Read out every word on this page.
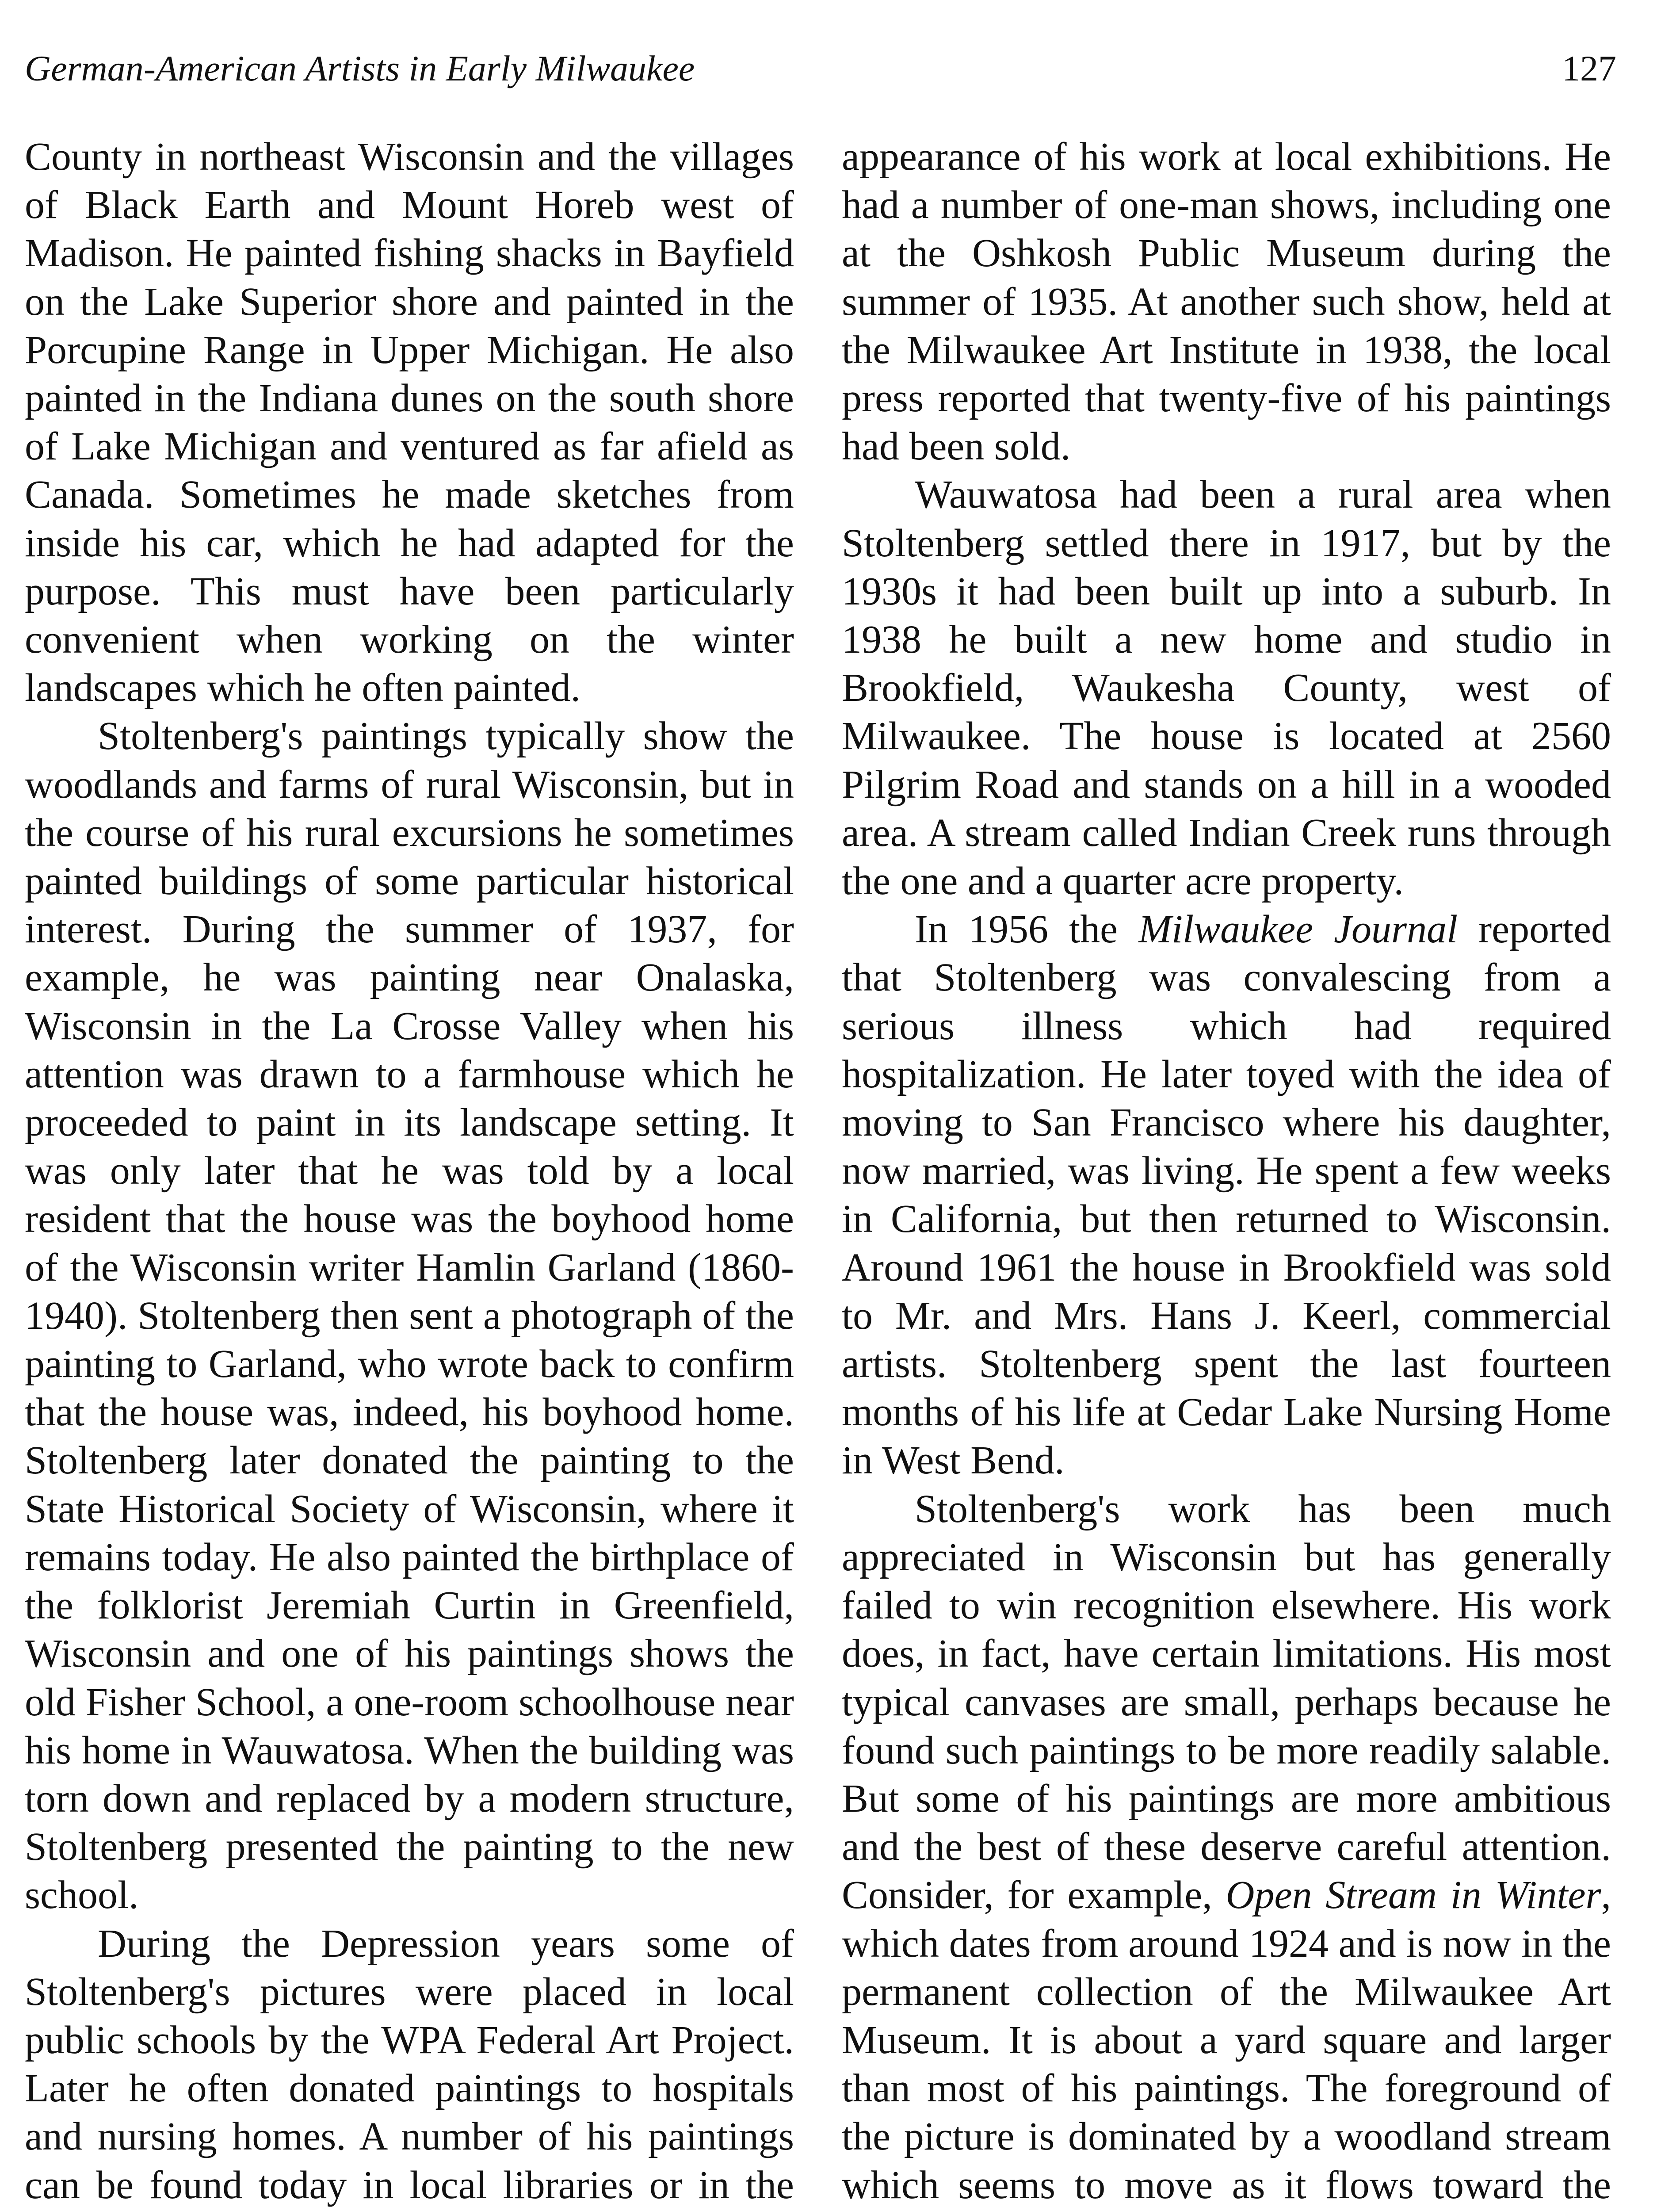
German-American Artists in Early Milwaukee	127

County in northeast Wisconsin and the villages of Black Earth and Mount Horeb west of Madison. He painted fishing shacks in Bayfield on the Lake Superior shore and painted in the Porcupine Range in Upper Michigan. He also painted in the Indiana dunes on the south shore of Lake Michigan and ventured as far afield as Canada. Sometimes he made sketches from inside his car, which he had adapted for the purpose. This must have been particularly convenient when working on the winter landscapes which he often painted.

Stoltenberg's paintings typically show the woodlands and farms of rural Wisconsin, but in the course of his rural excursions he sometimes painted buildings of some particular historical interest. During the summer of 1937, for example, he was painting near Onalaska, Wisconsin in the La Crosse Valley when his attention was drawn to a farmhouse which he proceeded to paint in its landscape setting. It was only later that he was told by a local resident that the house was the boyhood home of the Wisconsin writer Hamlin Garland (1860-1940). Stoltenberg then sent a photograph of the painting to Garland, who wrote back to confirm that the house was, indeed, his boyhood home. Stoltenberg later donated the painting to the State Historical Society of Wisconsin, where it remains today. He also painted the birthplace of the folklorist Jeremiah Curtin in Greenfield, Wisconsin and one of his paintings shows the old Fisher School, a one-room schoolhouse near his home in Wauwatosa. When the building was torn down and replaced by a modern structure, Stoltenberg presented the painting to the new school.

During the Depression years some of Stoltenberg's pictures were placed in local public schools by the WPA Federal Art Project. Later he often donated paintings to hospitals and nursing homes. A number of his paintings can be found today in local libraries or in the

appearance of his work at local exhibitions. He had a number of one-man shows, including one at the Oshkosh Public Museum during the summer of 1935. At another such show, held at the Milwaukee Art Institute in 1938, the local press reported that twenty-five of his paintings had been sold.

Wauwatosa had been a rural area when Stoltenberg settled there in 1917, but by the 1930s it had been built up into a suburb. In 1938 he built a new home and studio in Brookfield, Waukesha County, west of Milwaukee. The house is located at 2560 Pilgrim Road and stands on a hill in a wooded area. A stream called Indian Creek runs through the one and a quarter acre property.

In 1956 the Milwaukee Journal reported that Stoltenberg was convalescing from a serious illness which had required hospitalization. He later toyed with the idea of moving to San Francisco where his daughter, now married, was living. He spent a few weeks in California, but then returned to Wisconsin. Around 1961 the house in Brookfield was sold to Mr. and Mrs. Hans J. Keerl, commercial artists. Stoltenberg spent the last fourteen months of his life at Cedar Lake Nursing Home in West Bend.

Stoltenberg's work has been much appreciated in Wisconsin but has generally failed to win recognition elsewhere. His work does, in fact, have certain limitations. His most typical canvases are small, perhaps because he found such paintings to be more readily salable. But some of his paintings are more ambitious and the best of these deserve careful attention. Consider, for example, Open Stream in Winter, which dates from around 1924 and is now in the permanent collection of the Milwaukee Art Museum. It is about a yard square and larger than most of his paintings. The foreground of the picture is dominated by a woodland stream which seems to move as it flows toward the
